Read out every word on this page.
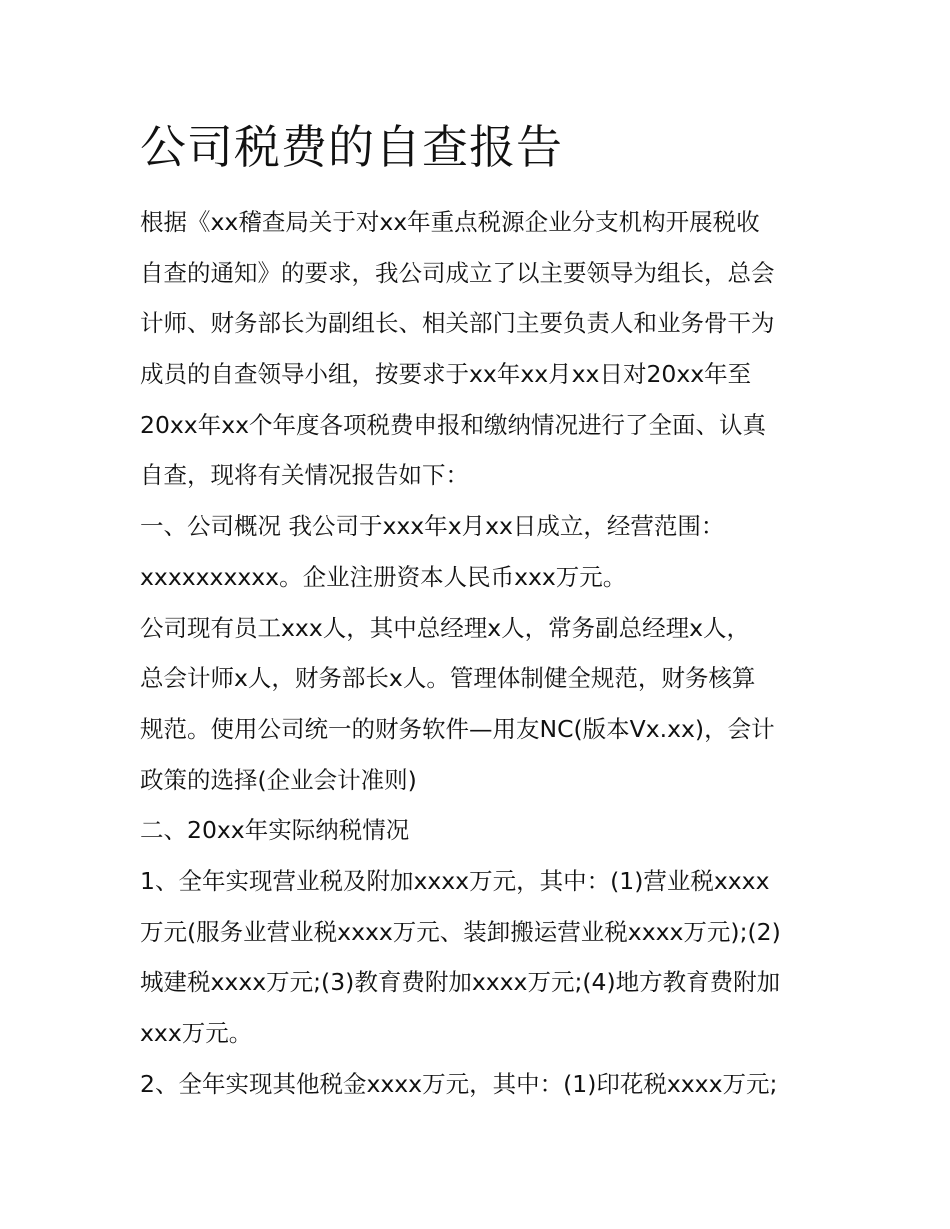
公司税费的自查报告
根据《xx稽查局关于对xx年重点税源企业分支机构开展税收
自查的通知》的要求，我公司成立了以主要领导为组长，总会
计师、财务部长为副组长、相关部门主要负责人和业务骨干为
成员的自查领导小组，按要求于xx年xx月xx日对20xx年至
20xx年xx个年度各项税费申报和缴纳情况进行了全面、认真
自查，现将有关情况报告如下：
一、公司概况 我公司于xxx年x月xx日成立，经营范围：
xxxxxxxxxx。企业注册资本人民币xxx万元。
公司现有员工xxx人，其中总经理x人，常务副总经理x人，
总会计师x人，财务部长x人。管理体制健全规范，财务核算
规范。使用公司统一的财务软件—用友NC(版本Vx.xx)，会计
政策的选择(企业会计准则)
二、20xx年实际纳税情况
1、全年实现营业税及附加xxxx万元，其中：(1)营业税xxxx
万元(服务业营业税xxxx万元、装卸搬运营业税xxxx万元);(2)
城建税xxxx万元;(3)教育费附加xxxx万元;(4)地方教育费附加
xxx万元。
2、全年实现其他税金xxxx万元，其中：(1)印花税xxxx万元;
